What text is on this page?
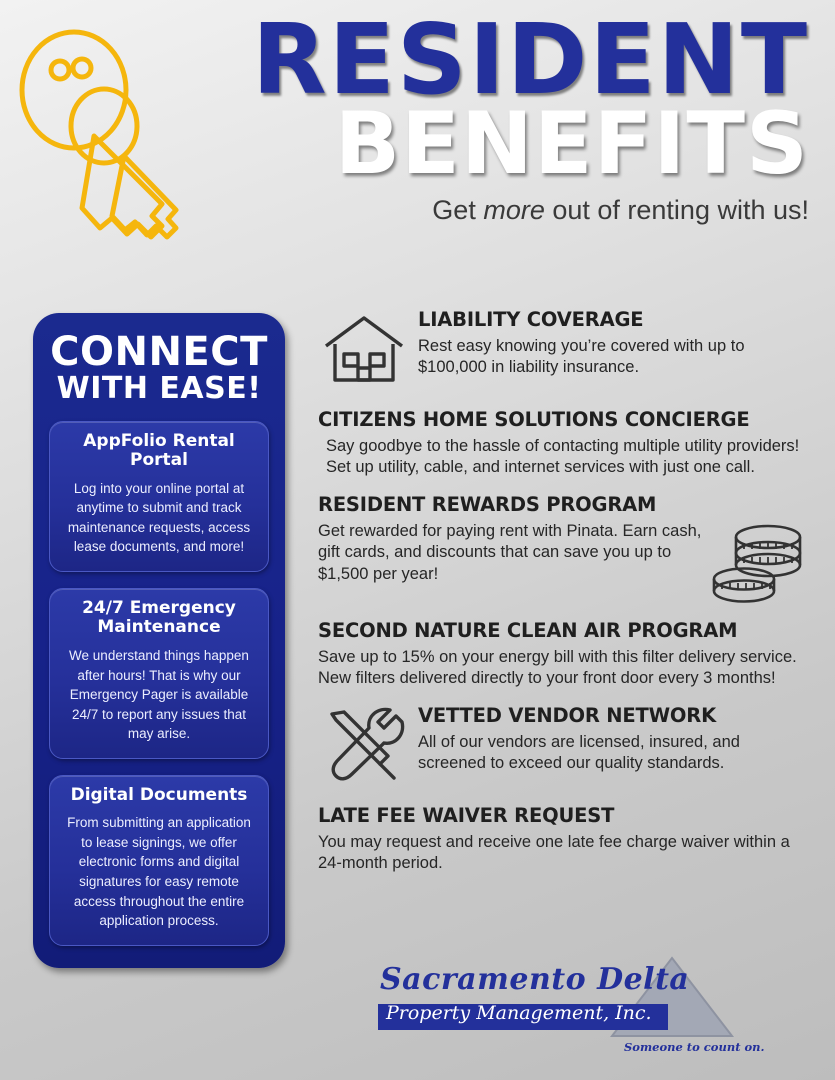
RESIDENT
BENEFITS
Get more out of renting with us!
CONNECT
WITH EASE!
AppFolio Rental Portal
Log into your online portal at anytime to submit and track maintenance requests, access lease documents, and more!
24/7 Emergency Maintenance
We understand things happen after hours! That is why our Emergency Pager is available 24/7 to report any issues that may arise.
Digital Documents
From submitting an application to lease signings, we offer electronic forms and digital signatures for easy remote access throughout the entire application process.
LIABILITY COVERAGE

Rest easy knowing you’re covered with up to $100,000 in liability insurance.

CITIZENS HOME SOLUTIONS CONCIERGE

Say goodbye to the hassle of contacting multiple utility providers! Set up utility, cable, and internet services with just one call.

RESIDENT REWARDS PROGRAM

Get rewarded for paying rent with Pinata. Earn cash, gift cards, and discounts that can save you up to $1,500 per year!

SECOND NATURE CLEAN AIR PROGRAM

Save up to 15% on your energy bill with this filter delivery service. New filters delivered directly to your front door every 3 months!

VETTED VENDOR NETWORK

All of our vendors are licensed, insured, and screened to exceed our quality standards.

LATE FEE WAIVER REQUEST

You may request and receive one late fee charge waiver within a 24-month period.

Sacramento Delta
Property Management, Inc.
Someone to count on.
